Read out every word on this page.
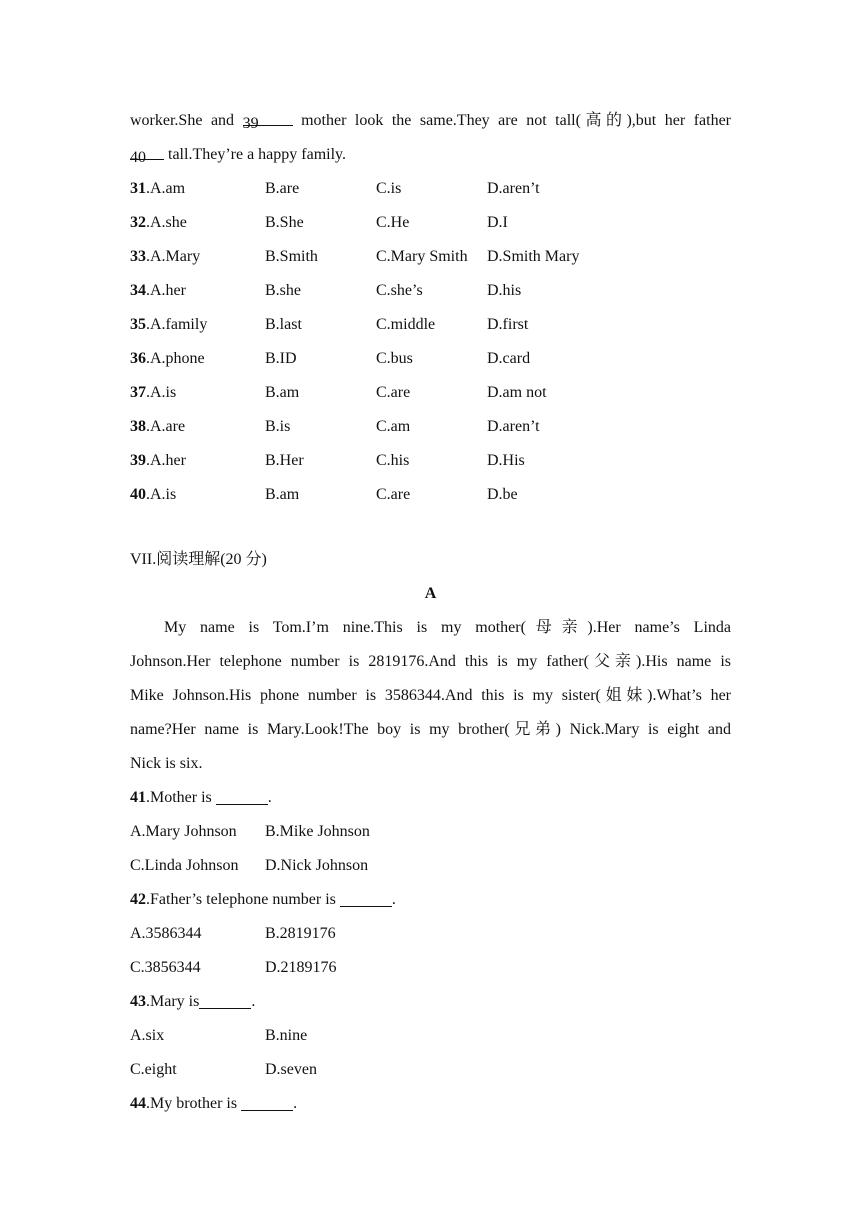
worker.She and 39 mother look the same.They are not tall(高的),but her father
40 tall.They’re a happy family.
31.A.am	B.are	C.is	D.aren’t
32.A.she	B.She	C.He	D.I
33.A.Mary	B.Smith	C.Mary Smith D.Smith Mary
34.A.her	B.she	C.she’s	D.his
35.A.family	B.last	C.middle	D.first
36.A.phone	B.ID	C.bus	D.card
37.A.is	B.am	C.are	D.am not
38.A.are	B.is	C.am	D.aren’t
39.A.her	B.Her	C.his	D.His
40.A.is	B.am	C.are	D.be
VII.阅读理解(20 分)
A
My name is Tom.I’m nine.This is my mother(母亲).Her name’s Linda
Johnson.Her telephone number is 2819176.And this is my father(父亲).His name is
Mike Johnson.His phone number is 3586344.And this is my sister(姐妹).What’s her
name?Her name is Mary.Look!The boy is my brother(兄弟) Nick.Mary is eight and
Nick is six.
41.Mother is	.
A.Mary Johnson B.Mike Johnson
C.Linda Johnson D.Nick Johnson
42.Father’s telephone number is	.
A.3586344	B.2819176
C.3856344	D.2189176
43.Mary is	.
A.six	B.nine
C.eight	D.seven
44.My brother is	.
